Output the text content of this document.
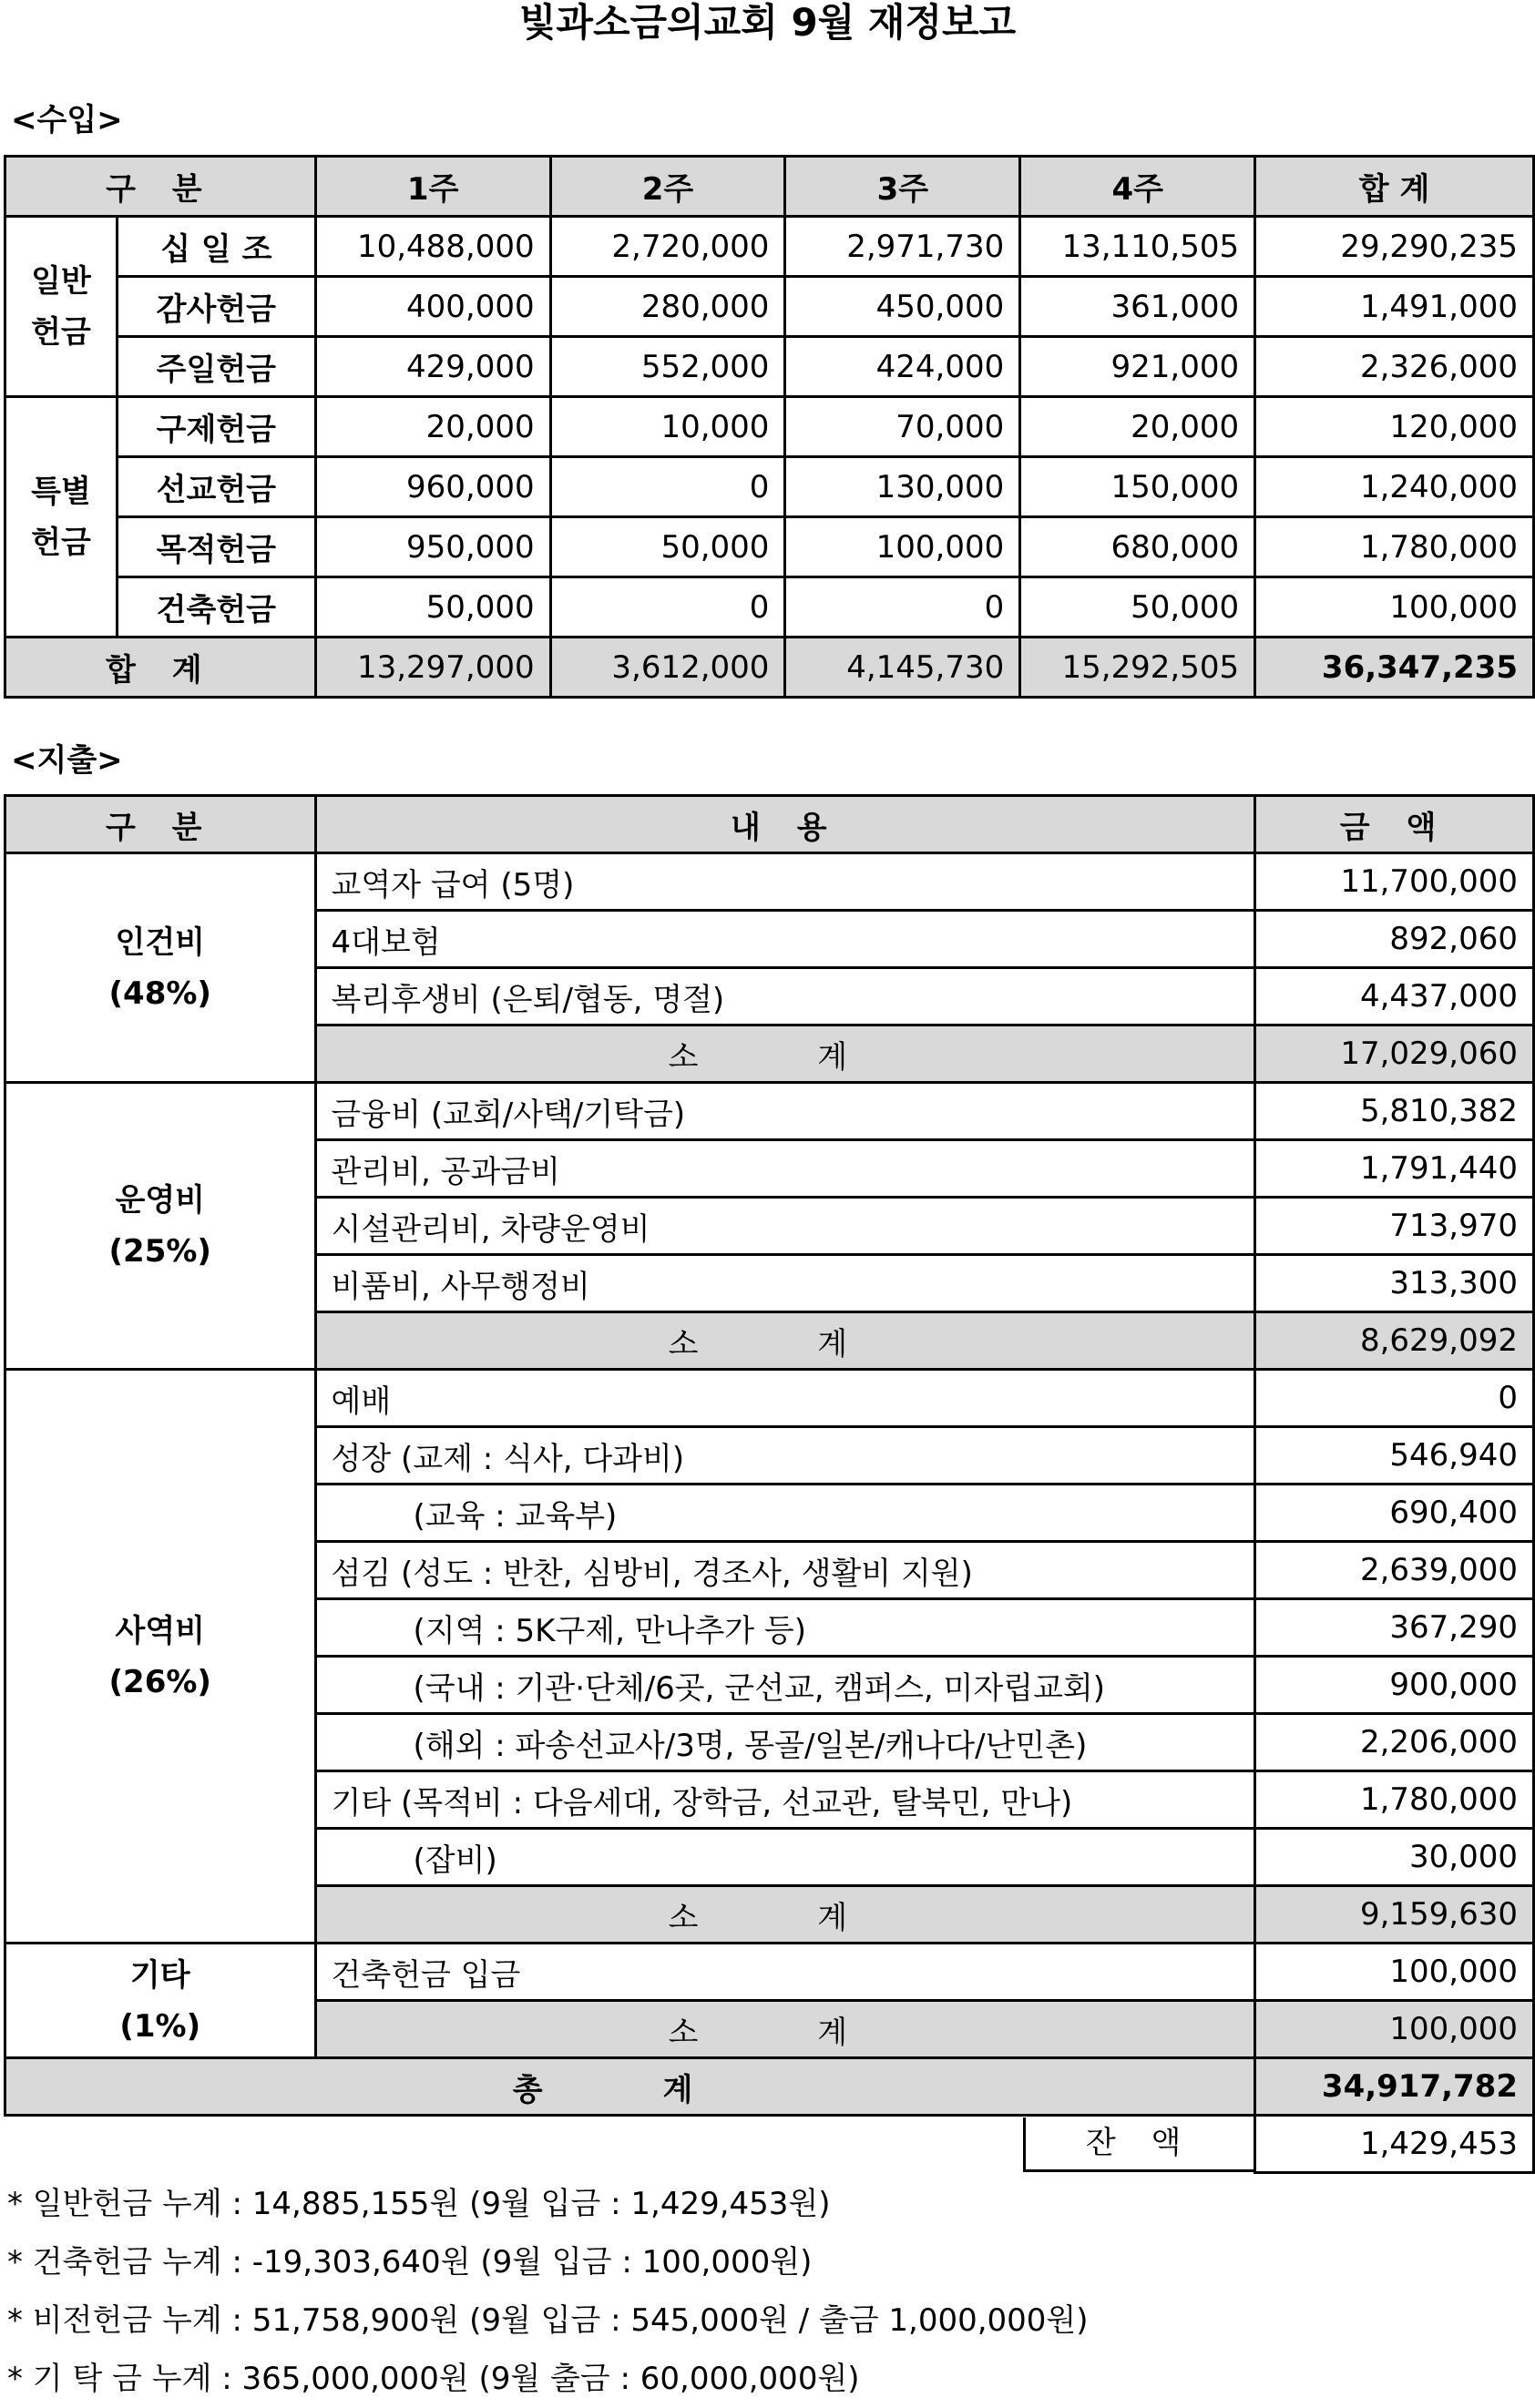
빛과소금의교회 9월 재정보고
<수입>
구 분		1주	2주	3주	4주	합 계
일반
헌금	십 일 조	10,488,000	2,720,000	2,971,730	13,110,505	29,290,235
	감사헌금	400,000	280,000	450,000	361,000	1,491,000
	주일헌금	429,000	552,000	424,000	921,000	2,326,000
특별
헌금	구제헌금	20,000	10,000	70,000	20,000	120,000
	선교헌금	960,000	0	130,000	150,000	1,240,000
	목적헌금	950,000	50,000	100,000	680,000	1,780,000
	건축헌금	50,000	0	0	50,000	100,000
합 계		13,297,000	3,612,000	4,145,730	15,292,505	36,347,235
<지출>
구 분	내 용	금 액
인건비
(48%)	교역자 급여 (5명)	11,700,000
	4대보험	892,060
	복리후생비 (은퇴/협동, 명절)	4,437,000
	소 계	17,029,060
운영비
(25%)	금융비 (교회/사택/기탁금)	5,810,382
	관리비, 공과금비	1,791,440
	시설관리비, 차량운영비	713,970
	비품비, 사무행정비	313,300
	소 계	8,629,092
사역비
(26%)	예배	0
	성장 (교제 : 식사, 다과비)	546,940
	(교육 : 교육부)	690,400
	섬김 (성도 : 반찬, 심방비, 경조사, 생활비 지원)	2,639,000
	(지역 : 5K구제, 만나추가 등)	367,290
	(국내 : 기관·단체/6곳, 군선교, 캠퍼스, 미자립교회)	900,000
	(해외 : 파송선교사/3명, 몽골/일본/캐나다/난민촌)	2,206,000
	기타 (목적비 : 다음세대, 장학금, 선교관, 탈북민, 만나)	1,780,000
	(잡비)	30,000
	소 계	9,159,630
기타
(1%)	건축헌금 입금	100,000
	소 계	100,000
총 계		34,917,782

	잔 액	1,429,453
* 일반헌금 누계 : 14,885,155원 (9월 입금 : 1,429,453원)
* 건축헌금 누계 : -19,303,640원 (9월 입금 : 100,000원)
* 비전헌금 누계 : 51,758,900원 (9월 입금 : 545,000원 / 출금 1,000,000원)
* 기 탁 금 누계 : 365,000,000원 (9월 출금 : 60,000,000원)
